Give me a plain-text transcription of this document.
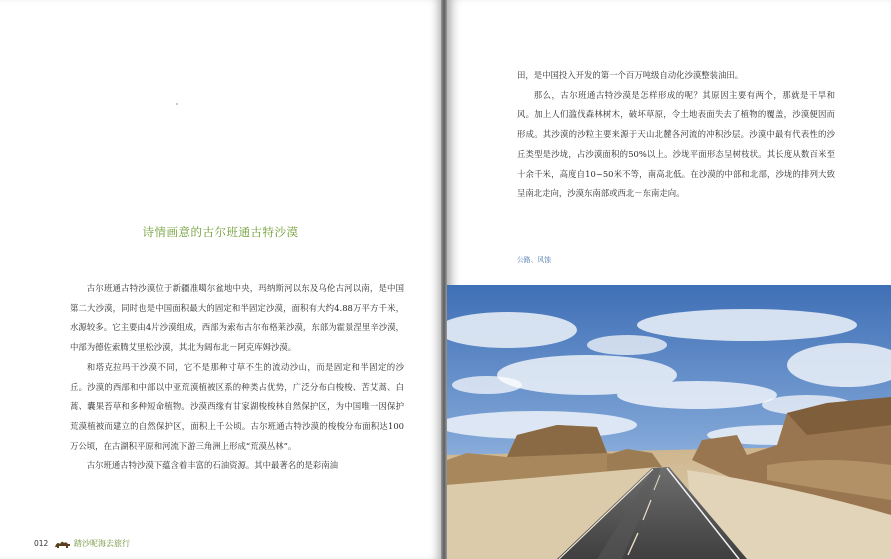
诗情画意的古尔班通古特沙漠

古尔班通古特沙漠位于新疆准噶尔盆地中央，玛纳斯河以东及乌伦古河以南，是中国第二大沙漠，同时也是中国面积最大的固定和半固定沙漠，面积有大约4.88万平方千米，水源较多。它主要由4片沙漠组成，西部为索布古尔布格莱沙漠，东部为霍景涅里辛沙漠，中部为德佐索腾艾里松沙漠，其北为阔布北－阿克库姆沙漠。

和塔克拉玛干沙漠不同，它不是那种寸草不生的流动沙山，而是固定和半固定的沙丘。沙漠的西部和中部以中亚荒漠植被区系的种类占优势，广泛分布白梭梭、苦艾蒿、白蒿、囊果苔草和多种短命植物。沙漠西缘有甘家湖梭梭林自然保护区，为中国唯一因保护荒漠植被而建立的自然保护区，面积上千公顷。古尔班通古特沙漠的梭梭分布面积达100万公顷，在古湖积平原和河流下游三角洲上形成“荒漠丛林”。

古尔班通古特沙漠下蕴含着丰富的石油资源。其中最著名的是彩南油

012	踏沙呢海去旅行

田，是中国投入开发的第一个百万吨级自动化沙漠整装油田。

那么，古尔班通古特沙漠是怎样形成的呢？其原因主要有两个，那就是干旱和风。加上人们滥伐森林树木，破坏草原，令土地表面失去了植物的覆盖，沙漠便因而形成。其沙漠的沙粒主要来源于天山北麓各河流的冲积沙层。沙漠中最有代表性的沙丘类型是沙垅，占沙漠面积的50%以上。沙垅平面形态呈树枝状。其长度从数百米至十余千米，高度自10~50米不等，南高北低。在沙漠的中部和北部，沙垅的排列大致呈南北走向，沙漠东南部或西北－东南走向。

公路、风蚀
